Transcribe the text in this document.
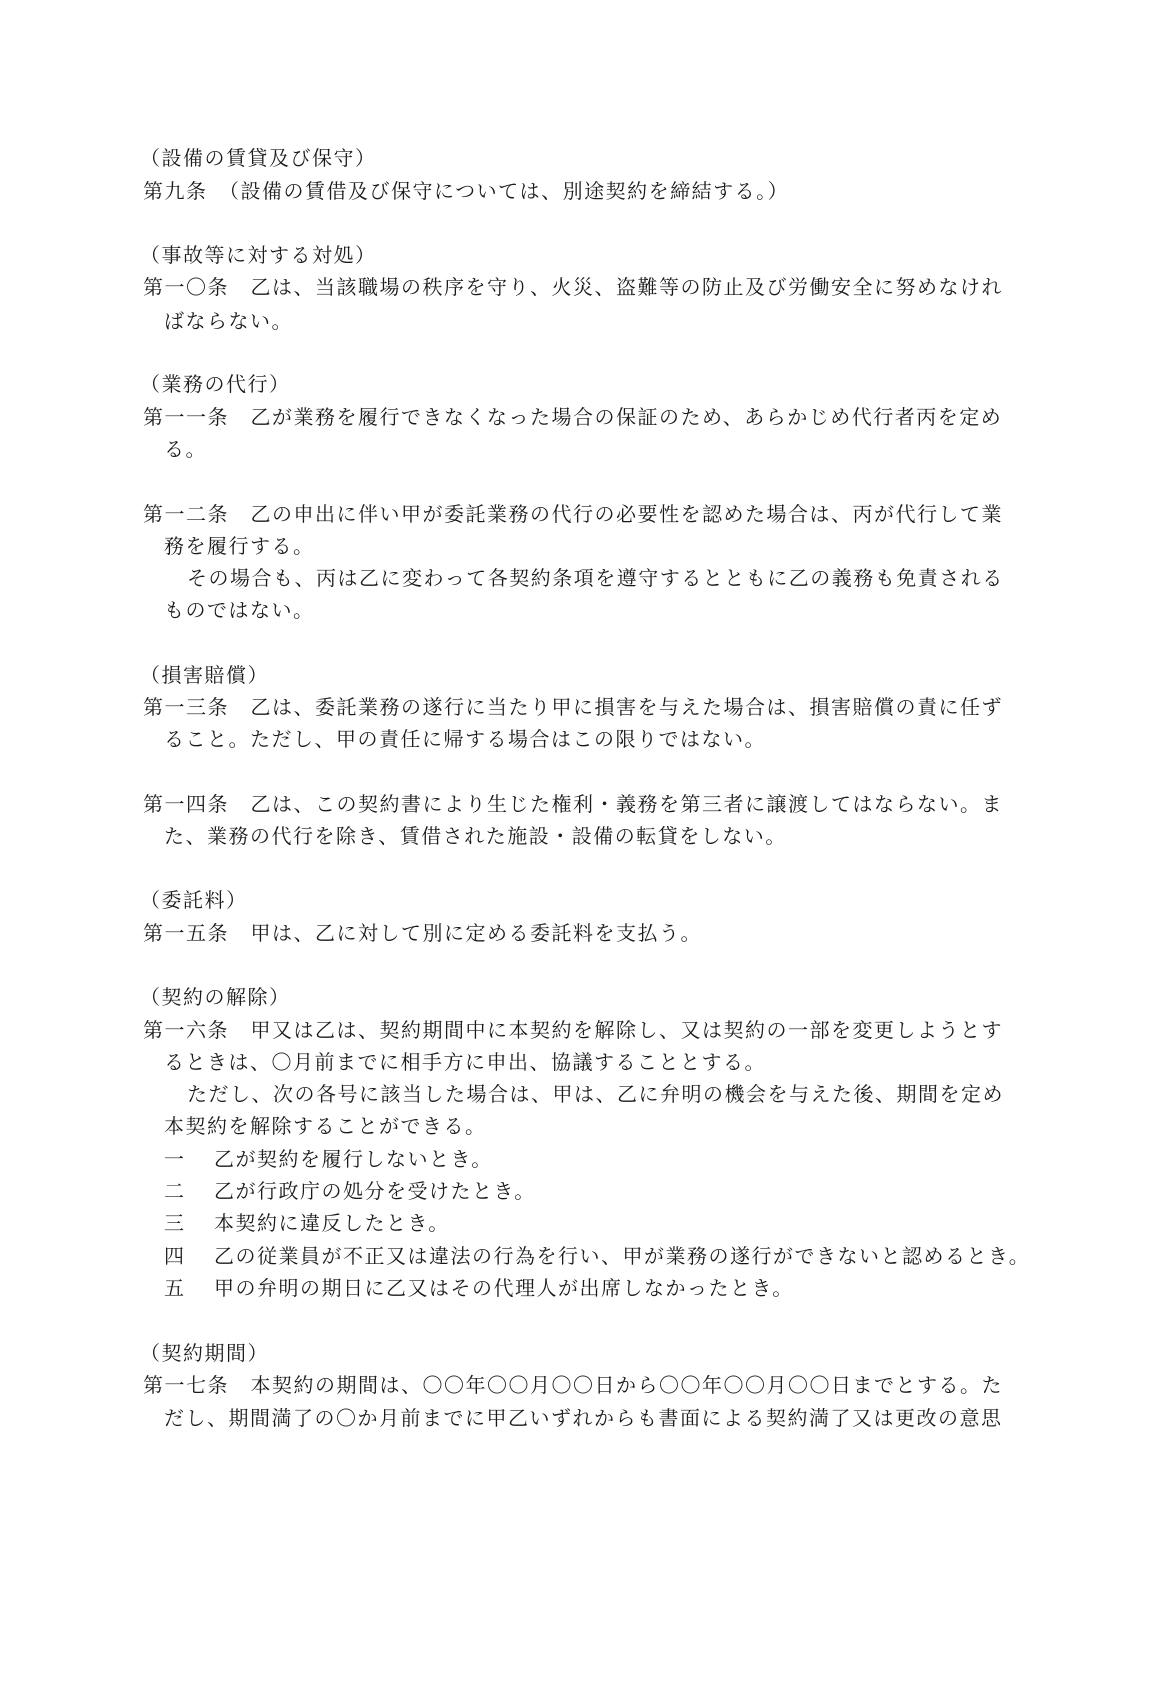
（設備の賃貸及び保守）
第九条　（設備の賃借及び保守については、別途契約を締結する。）
（事故等に対する対処）
第一〇条　乙は、当該職場の秩序を守り、火災、盗難等の防止及び労働安全に努めなけれ
ばならない。
（業務の代行）
第一一条　乙が業務を履行できなくなった場合の保証のため、あらかじめ代行者丙を定め
る。
第一二条　乙の申出に伴い甲が委託業務の代行の必要性を認めた場合は、丙が代行して業
務を履行する。
その場合も、丙は乙に変わって各契約条項を遵守するとともに乙の義務も免責される
ものではない。
（損害賠償）
第一三条　乙は、委託業務の遂行に当たり甲に損害を与えた場合は、損害賠償の責に任ず
ること。ただし、甲の責任に帰する場合はこの限りではない。
第一四条　乙は、この契約書により生じた権利・義務を第三者に譲渡してはならない。ま
た、業務の代行を除き、賃借された施設・設備の転貸をしない。
（委託料）
第一五条　甲は、乙に対して別に定める委託料を支払う。
（契約の解除）
第一六条　甲又は乙は、契約期間中に本契約を解除し、又は契約の一部を変更しようとす
るときは、〇月前までに相手方に申出、協議することとする。
ただし、次の各号に該当した場合は、甲は、乙に弁明の機会を与えた後、期間を定め
本契約を解除することができる。
一 乙が契約を履行しないとき。
二 乙が行政庁の処分を受けたとき。
三 本契約に違反したとき。
四 乙の従業員が不正又は違法の行為を行い、甲が業務の遂行ができないと認めるとき。
五 甲の弁明の期日に乙又はその代理人が出席しなかったとき。
（契約期間）
第一七条　本契約の期間は、〇〇年〇〇月〇〇日から〇〇年〇〇月〇〇日までとする。た
だし、期間満了の〇か月前までに甲乙いずれからも書面による契約満了又は更改の意思
